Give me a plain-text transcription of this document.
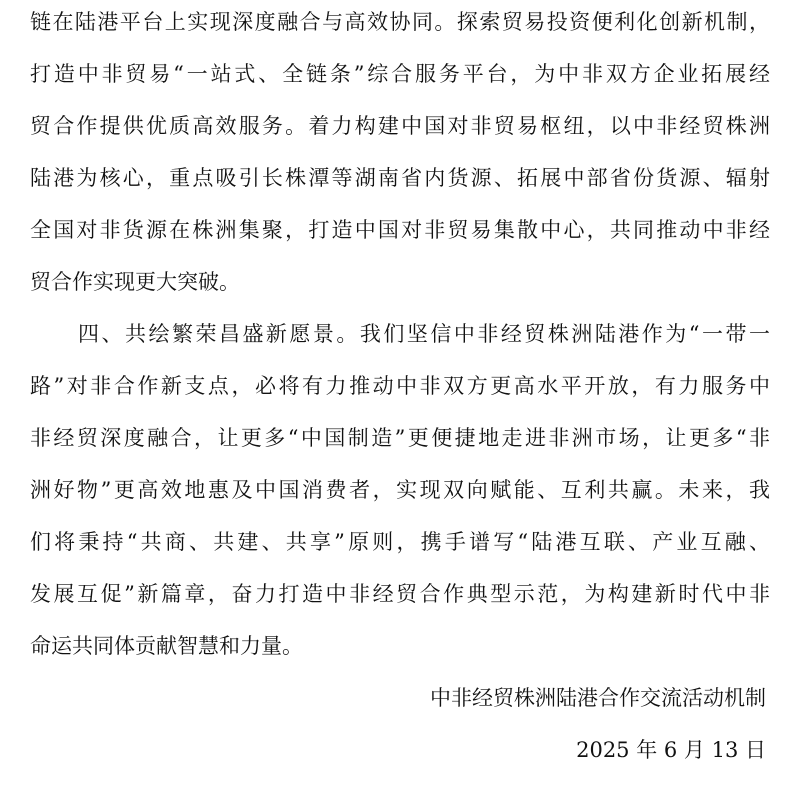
链在陆港平台上实现深度融合与高效协同。探索贸易投资便利化创新机制，
打造中非贸易“一站式、全链条”综合服务平台，为中非双方企业拓展经
贸合作提供优质高效服务。着力构建中国对非贸易枢纽，以中非经贸株洲
陆港为核心，重点吸引长株潭等湖南省内货源、拓展中部省份货源、辐射
全国对非货源在株洲集聚，打造中国对非贸易集散中心，共同推动中非经
贸合作实现更大突破。
四、共绘繁荣昌盛新愿景。我们坚信中非经贸株洲陆港作为“一带一
路”对非合作新支点，必将有力推动中非双方更高水平开放，有力服务中
非经贸深度融合，让更多“中国制造”更便捷地走进非洲市场，让更多“非
洲好物”更高效地惠及中国消费者，实现双向赋能、互利共赢。未来，我
们将秉持“共商、共建、共享”原则，携手谱写“陆港互联、产业互融、
发展互促”新篇章，奋力打造中非经贸合作典型示范，为构建新时代中非
命运共同体贡献智慧和力量。
中非经贸株洲陆港合作交流活动机制
2025 年 6 月 13 日
